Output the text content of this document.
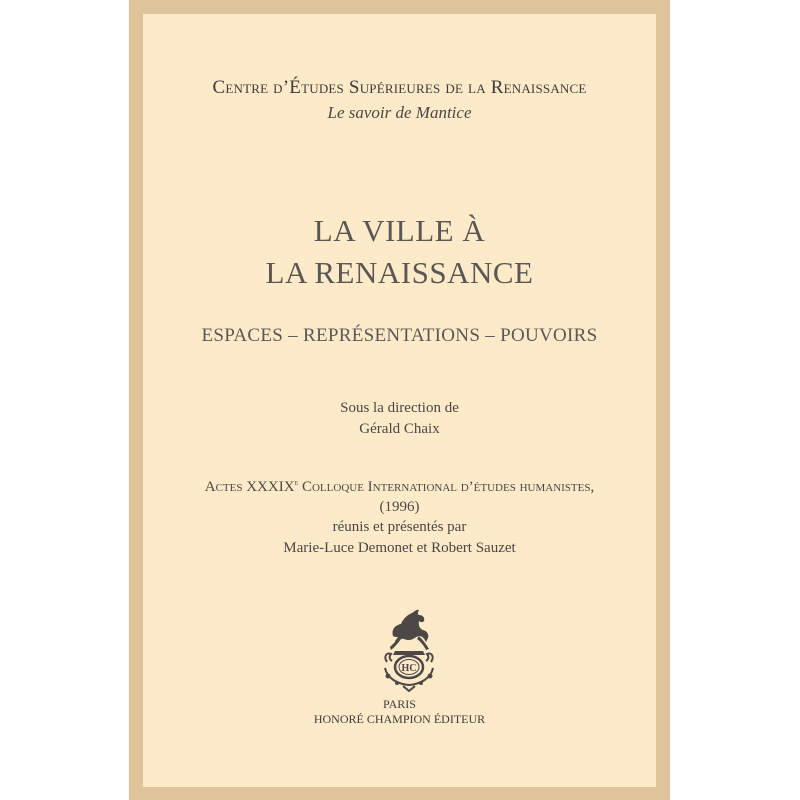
Centre d’Études Supérieures de la Renaissance
Le savoir de Mantice
LA VILLE À
LA RENAISSANCE
ESPACES – REPRÉSENTATIONS – POUVOIRS
Sous la direction de
Gérald Chaix
Actes XXXIXe Colloque International d’études humanistes,
(1996)
réunis et présentés par
Marie-Luce Demonet et Robert Sauzet
HC
PARIS
HONORÉ CHAMPION ÉDITEUR
